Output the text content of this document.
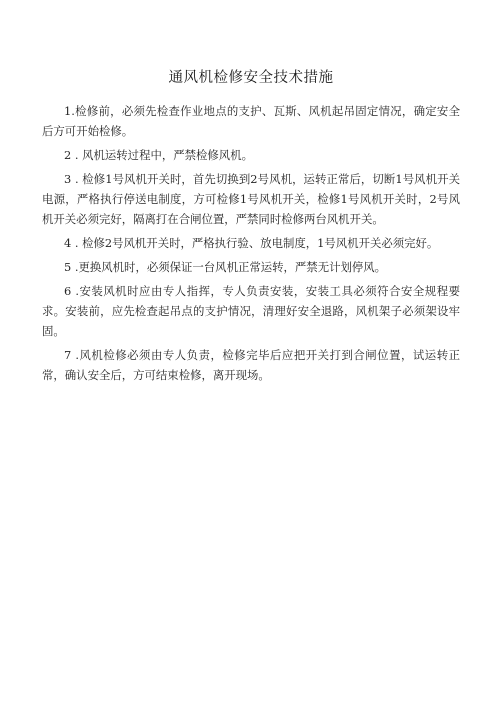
通风机检修安全技术措施

1.检修前，必须先检查作业地点的支护、瓦斯、风机起吊固定情况，确定安全后方可开始检修。

2 . 风机运转过程中，严禁检修风机。

3 . 检修1号风机开关时，首先切换到2号风机，运转正常后，切断1号风机开关电源，严格执行停送电制度，方可检修1号风机开关，检修1号风机开关时，2号风机开关必须完好，隔离打在合闸位置，严禁同时检修两台风机开关。

4 . 检修2号风机开关时，严格执行验、放电制度，1号风机开关必须完好。

5 .更换风机时，必须保证一台风机正常运转，严禁无计划停风。

6 .安装风机时应由专人指挥，专人负责安装，安装工具必须符合安全规程要求。安装前，应先检查起吊点的支护情况，清理好安全退路，风机架子必须架设牢固。

7 .风机检修必须由专人负责，检修完毕后应把开关打到合闸位置，试运转正常，确认安全后，方可结束检修，离开现场。
